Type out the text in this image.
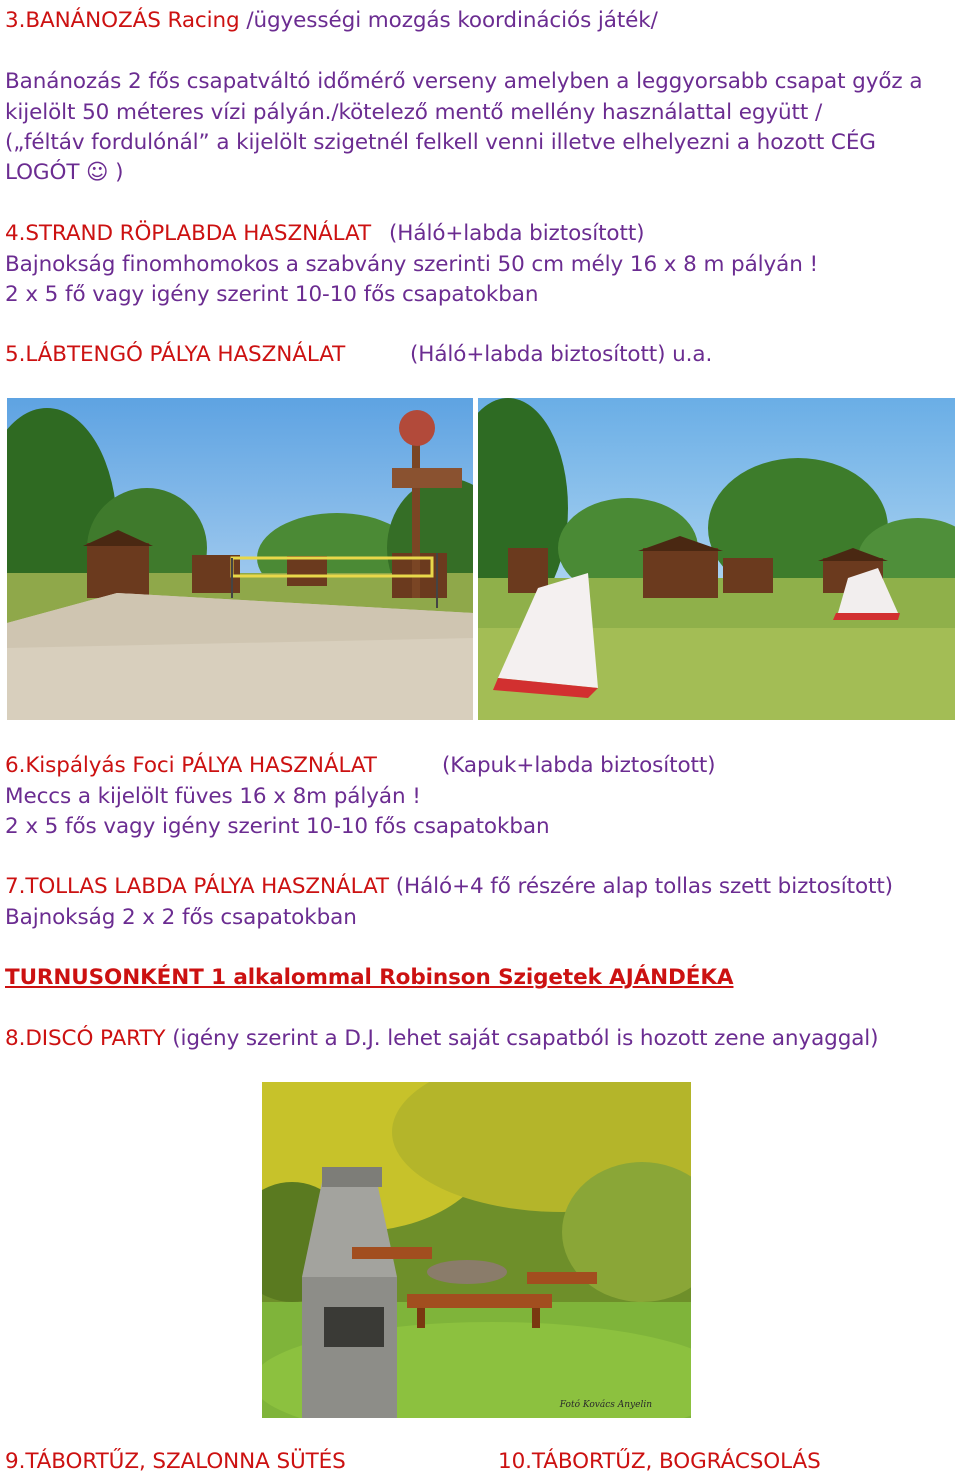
3.BANÁNOZÁS Racing /ügyességi mozgás koordinációs játék/
Banánozás 2 fős csapatváltó időmérő verseny amelyben a leggyorsabb csapat győz a
kijelölt 50 méteres vízi pályán./kötelező mentő mellény használattal együtt /
(„féltáv fordulónál” a kijelölt szigetnél felkell venni illetve elhelyezni a hozott CÉG
LOGÓT ☺ )
4.STRAND RÖPLABDA HASZNÁLAT (Háló+labda biztosított)
Bajnokság finomhomokos a szabvány szerinti 50 cm mély 16 x 8 m pályán !
2 x 5 fő vagy igény szerint 10-10 fős csapatokban
5.LÁBTENGÓ PÁLYA HASZNÁLAT	(Háló+labda biztosított) u.a.
6.Kispályás Foci PÁLYA HASZNÁLAT	(Kapuk+labda biztosított)
Meccs a kijelölt füves 16 x 8m pályán !
2 x 5 fős vagy igény szerint 10-10 fős csapatokban
7.TOLLAS LABDA PÁLYA HASZNÁLAT (Háló+4 fő részére alap tollas szett biztosított)
Bajnokság 2 x 2 fős csapatokban
TURNUSONKÉNT 1 alkalommal Robinson Szigetek AJÁNDÉKA
8.DISCÓ PARTY (igény szerint a D.J. lehet saját csapatból is hozott zene anyaggal)
Fotó Kovács Anyelin
9.TÁBORTŰZ, SZALONNA SÜTÉS	10.TÁBORTŰZ, BOGRÁCSOLÁS
